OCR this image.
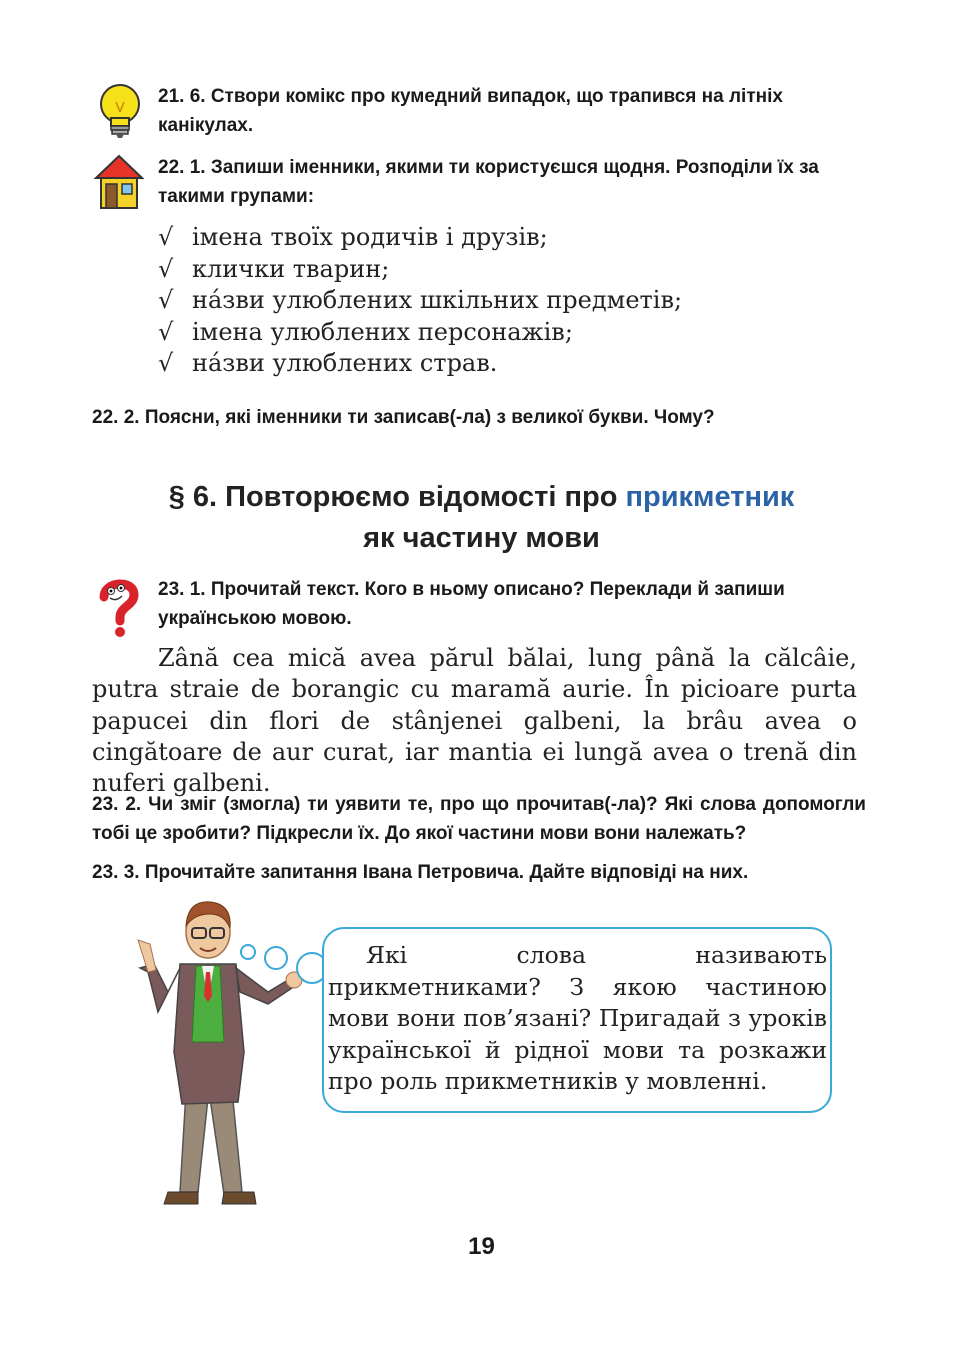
21. 6. Створи комікс про кумедний випадок, що трапився на літніх канікулах.
22. 1. Запиши іменники, якими ти користуєшся щодня. Розподіли їх за такими групами:
√ імена твоїх родичів і друзів;
√ клички тварин;
√ на́зви улюблених шкільних предметів;
√ імена улюблених персонажів;
√ на́зви улюблених страв.
22. 2. Поясни, які іменники ти записав(-ла) з великої букви. Чому?
§ 6. Повторюємо відомості про прикметник
як частину мови
23. 1. Прочитай текст. Кого в ньому описано? Переклади й запиши українською мовою.

Zână cea mică avea părul bălai, lung până la călcâie, putra straie de borangic cu maramă aurie. În picioare purta papucei din flori de stânjenei galbeni, la brâu avea o cingătoare de aur curat, iar mantia ei lungă avea o trenă din nuferi galbeni.

23. 2. Чи зміг (змогла) ти уявити те, про що прочитав(-ла)? Які слова допомогли тобі це зробити? Підкресли їх. До якої частини мови вони належать?
23. 3. Прочитайте запитання Івана Петровича. Дайте відповіді на них.

Які слова називають прикметниками? З якою частиною мови вони пов’язані? Пригадай з уроків української й рідної мови та розкажи про роль прикметників у мовленні.

19
